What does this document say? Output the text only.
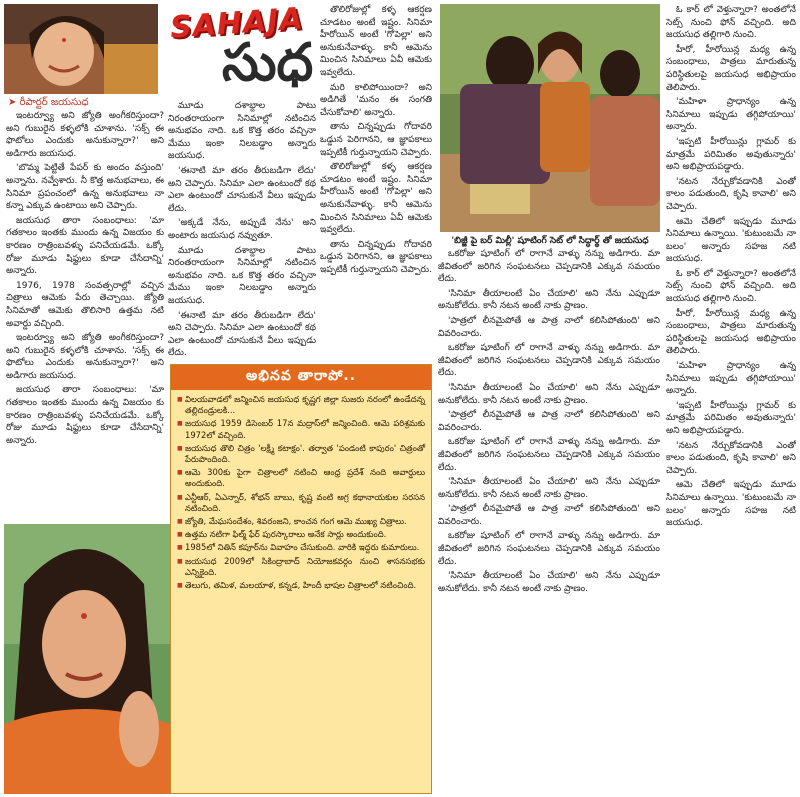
SAHAJA
సుధ
➤ రీపార్టర్ జయసుధ

ఇంటర్వ్యూ అని జ్యోతి అంగీకరిస్తుందా? అని గుబురైన కళ్ళలోకి చూశాను. 'సక్స్ ఈ ఫొటోలు ఎందుకు అనుకున్నారా?' అని అడిగారు జయసుధ.

'బొమ్మ పెట్టితే పేపర్ కు అందం వస్తుంది' అన్నాను. నవ్వేశారు. నీ కొత్త అనుభవాలు, ఈ సినిమా ప్రపంచంలో ఉన్న అనుభవాలు నా కన్నా ఎక్కువ ఉంటాయి అని చెప్పారు.

జయసుధ తారా సంబంధాలు: 'మా గతకాలం ఇంతకు ముందు ఉన్న విజయం కు కారణం రాత్రింబవళ్ళు పనిచేయడమే. ఒక్కో రోజు మూడు షిఫ్టులు కూడా చేసేదాన్ని' అన్నారు.

1976, 1978 సంవత్సరాల్లో వచ్చిన చిత్రాలు ఆమెకు పేరు తెచ్చాయి. జ్యోతి సినిమాతో ఆమెకు తొలిసారి ఉత్తమ నటి అవార్డు వచ్చింది.

ఇంటర్వ్యూ అని జ్యోతి అంగీకరిస్తుందా? అని గుబురైన కళ్ళలోకి చూశాను. 'సక్స్ ఈ ఫొటోలు ఎందుకు అనుకున్నారా?' అని అడిగారు జయసుధ.

జయసుధ తారా సంబంధాలు: 'మా గతకాలం ఇంతకు ముందు ఉన్న విజయం కు కారణం రాత్రింబవళ్ళు పనిచేయడమే. ఒక్కో రోజు మూడు షిఫ్టులు కూడా చేసేదాన్ని' అన్నారు.

మూడు దశాబ్దాల పాటు నిరంతరాయంగా సినిమాల్లో నటించిన అనుభవం నాది. ఒక కొత్త తరం వచ్చినా మేము ఇంకా నిలబడ్డాం అన్నారు జయసుధ.

'ఈనాటి మా తరం తీరుబడిగా లేదు' అని చెప్పారు. సినిమా ఎలా ఉంటుందో కథ ఎలా ఉంటుందో చూసుకునే వీలు ఇప్పుడు లేదు.

'అక్కడే నేను, అప్పుడే నేను' అని అంటారు జయసుధ నవ్వుతూ.

మూడు దశాబ్దాల పాటు నిరంతరాయంగా సినిమాల్లో నటించిన అనుభవం నాది. ఒక కొత్త తరం వచ్చినా మేము ఇంకా నిలబడ్డాం అన్నారు జయసుధ.

'ఈనాటి మా తరం తీరుబడిగా లేదు' అని చెప్పారు. సినిమా ఎలా ఉంటుందో కథ ఎలా ఉంటుందో చూసుకునే వీలు ఇప్పుడు లేదు.

తొలిరోజుల్లో కళ్ళ ఆకర్షణ చూడటం అంటే ఇష్టం. సినిమా హీరోయిన్ అంటే 'గోపెల్లా' అని అనుకునేవాళ్ళు. కానీ ఆమెను మించిన సినిమాలు ఏవీ ఆమెకు ఇవ్వలేదు.

మరి కాలిపోయిందా? అని అడిగితే 'మనం ఈ సంగతి చేసుకోవాలి' అన్నారు.

తాను చిన్నప్పుడు గోదావరి ఒడ్డున పెరిగానని, ఆ జ్ఞాపకాలు ఇప్పటికీ గుర్తున్నాయని చెప్పారు.

తొలిరోజుల్లో కళ్ళ ఆకర్షణ చూడటం అంటే ఇష్టం. సినిమా హీరోయిన్ అంటే 'గోపెల్లా' అని అనుకునేవాళ్ళు. కానీ ఆమెను మించిన సినిమాలు ఏవీ ఆమెకు ఇవ్వలేదు.

తాను చిన్నప్పుడు గోదావరి ఒడ్డున పెరిగానని, ఆ జ్ఞాపకాలు ఇప్పటికీ గుర్తున్నాయని చెప్పారు.

'బిజ్జీ పై బర్ మిల్లీ' షూటింగ్ సెట్ లో సిద్ధార్థ్ తో జయసుధ

ఒకరోజు షూటింగ్ లో రాగానే వాళ్ళు నన్ను అడిగారు. మా జీవితంలో జరిగిన సంఘటనలు చెప్పడానికి ఎక్కువ సమయం లేదు.

'సినిమా తీయాలంటే ఏం చేయాలి' అని నేను ఎప్పుడూ అనుకోలేదు. కానీ నటన అంటే నాకు ప్రాణం.

'పాత్రలో లీనమైపోతే ఆ పాత్ర నాలో కలిసిపోతుంది' అని వివరించారు.

ఒకరోజు షూటింగ్ లో రాగానే వాళ్ళు నన్ను అడిగారు. మా జీవితంలో జరిగిన సంఘటనలు చెప్పడానికి ఎక్కువ సమయం లేదు.

'సినిమా తీయాలంటే ఏం చేయాలి' అని నేను ఎప్పుడూ అనుకోలేదు. కానీ నటన అంటే నాకు ప్రాణం.

'పాత్రలో లీనమైపోతే ఆ పాత్ర నాలో కలిసిపోతుంది' అని వివరించారు.

ఒకరోజు షూటింగ్ లో రాగానే వాళ్ళు నన్ను అడిగారు. మా జీవితంలో జరిగిన సంఘటనలు చెప్పడానికి ఎక్కువ సమయం లేదు.

'సినిమా తీయాలంటే ఏం చేయాలి' అని నేను ఎప్పుడూ అనుకోలేదు. కానీ నటన అంటే నాకు ప్రాణం.

'పాత్రలో లీనమైపోతే ఆ పాత్ర నాలో కలిసిపోతుంది' అని వివరించారు.

ఒకరోజు షూటింగ్ లో రాగానే వాళ్ళు నన్ను అడిగారు. మా జీవితంలో జరిగిన సంఘటనలు చెప్పడానికి ఎక్కువ సమయం లేదు.

'సినిమా తీయాలంటే ఏం చేయాలి' అని నేను ఎప్పుడూ అనుకోలేదు. కానీ నటన అంటే నాకు ప్రాణం.

ఓ కార్ లో వెళ్తున్నారా? అంతలోనే సెట్స్ నుంచి ఫోన్ వచ్చింది. అది జయసుధ తల్లిగారి నుంచి.

హీరో, హీరోయిన్ల మధ్య ఉన్న సంబంధాలు, పాత్రలు మారుతున్న పరిస్థితులపై జయసుధ అభిప్రాయం తెలిపారు.

'మహిళా ప్రాధాన్యం ఉన్న సినిమాలు ఇప్పుడు తగ్గిపోయాయి' అన్నారు.

'ఇప్పటి హీరోయిన్లు గ్లామర్ కు మాత్రమే పరిమితం అవుతున్నారు' అని అభిప్రాయపడ్డారు.

'నటన నేర్చుకోవడానికి ఎంతో కాలం పడుతుంది, కృషి కావాలి' అని చెప్పారు.

ఆమె చేతిలో ఇప్పుడు మూడు సినిమాలు ఉన్నాయి. 'కుటుంబమే నా బలం' అన్నారు సహజ నటి జయసుధ.

ఓ కార్ లో వెళ్తున్నారా? అంతలోనే సెట్స్ నుంచి ఫోన్ వచ్చింది. అది జయసుధ తల్లిగారి నుంచి.

హీరో, హీరోయిన్ల మధ్య ఉన్న సంబంధాలు, పాత్రలు మారుతున్న పరిస్థితులపై జయసుధ అభిప్రాయం తెలిపారు.

'మహిళా ప్రాధాన్యం ఉన్న సినిమాలు ఇప్పుడు తగ్గిపోయాయి' అన్నారు.

'ఇప్పటి హీరోయిన్లు గ్లామర్ కు మాత్రమే పరిమితం అవుతున్నారు' అని అభిప్రాయపడ్డారు.

'నటన నేర్చుకోవడానికి ఎంతో కాలం పడుతుంది, కృషి కావాలి' అని చెప్పారు.

ఆమె చేతిలో ఇప్పుడు మూడు సినిమాలు ఉన్నాయి. 'కుటుంబమే నా బలం' అన్నారు సహజ నటి జయసుధ.

అభినవ తారాపో..

■ విలయవాడలో జన్మించిన జయసుధ కృష్ణగ జిల్లా సుజరు నరంలో ఉండేదన్న తల్లిదండ్రులకి...

■ జయసుధ 1959 డిసెంబర్ 17న మద్రాస్‌లో జన్మించింది. ఆమె పరిశ్రమకు 1972లో వచ్చింది.

■ జయసుధ తొలి చిత్రం 'లక్ష్మీ కటాక్షం'. తర్వాత 'పండంటి కాపురం' చిత్రంతో పేరుపొందింది.

■ ఆమె 300కు పైగా చిత్రాలలో నటించి ఆంధ్ర ప్రదేశ్ నంది అవార్డులు అందుకుంది.

■ ఎన్టీఆర్, ఏఎన్నార్, శోభన్ బాబు, కృష్ణ వంటి అగ్ర కథానాయకుల సరసన నటించింది.

■ జ్యోతి, మేఘసందేశం, శివరంజని, కాంచన గంగ ఆమె ముఖ్య చిత్రాలు.

■ ఉత్తమ నటిగా ఫిల్మ్ ఫేర్ పురస్కారాలు అనేక సార్లు అందుకుంది.

■ 1985లో నితిన్ కపూర్‌ను వివాహం చేసుకుంది. వారికి ఇద్దరు కుమారులు.

■ జయసుధ 2009లో సికింద్రాబాద్ నియోజకవర్గం నుంచి శాసనసభకు ఎన్నికైంది.

■ తెలుగు, తమిళ, మలయాళ, కన్నడ, హిందీ భాషల చిత్రాలలో నటించింది.
